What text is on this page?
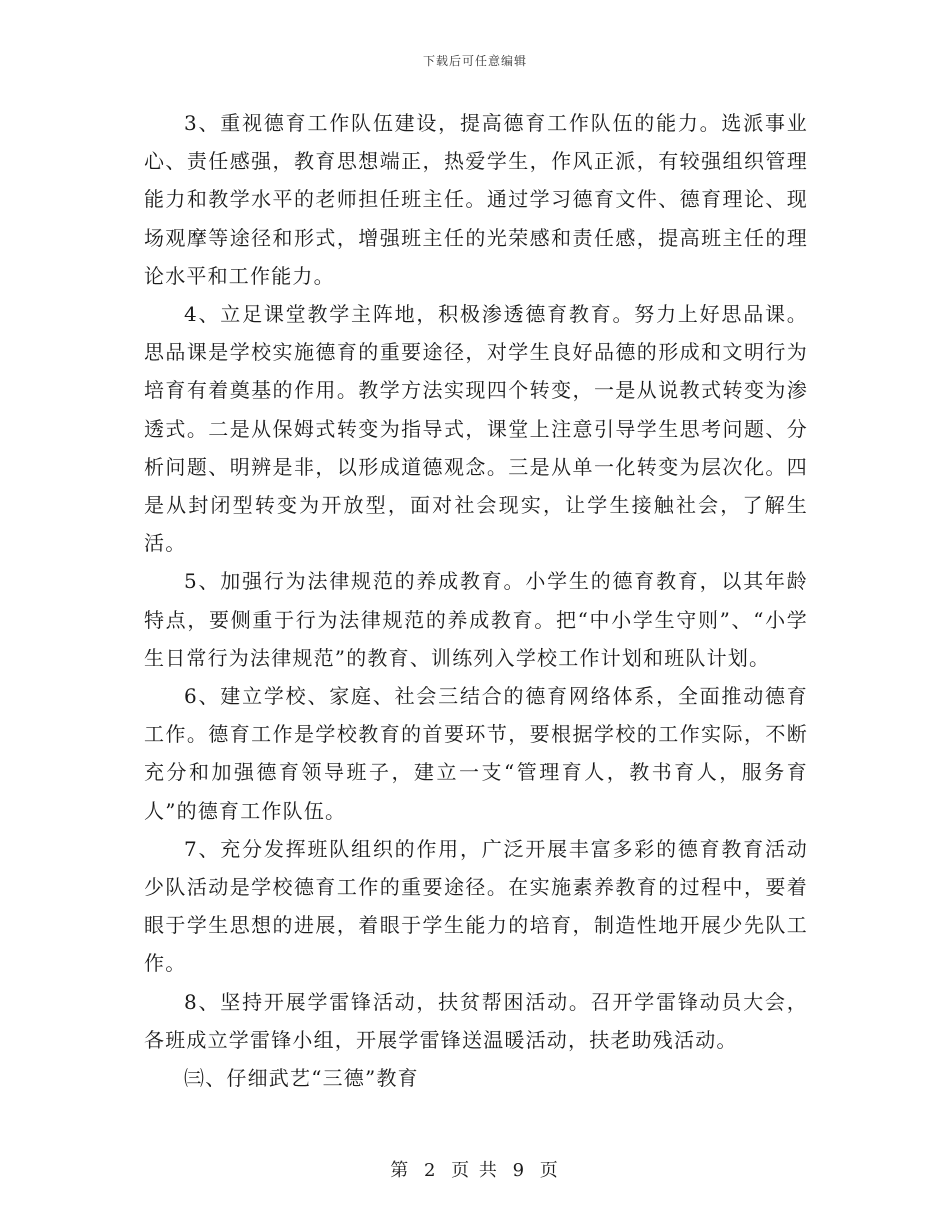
下载后可任意编辑

3、重视德育工作队伍建设，提高德育工作队伍的能力。选派事业心、责任感强，教育思想端正，热爱学生，作风正派，有较强组织管理能力和教学水平的老师担任班主任。通过学习德育文件、德育理论、现场观摩等途径和形式，增强班主任的光荣感和责任感，提高班主任的理论水平和工作能力。

4、立足课堂教学主阵地，积极渗透德育教育。努力上好思品课。思品课是学校实施德育的重要途径，对学生良好品德的形成和文明行为培育有着奠基的作用。教学方法实现四个转变，一是从说教式转变为渗透式。二是从保姆式转变为指导式，课堂上注意引导学生思考问题、分析问题、明辨是非，以形成道德观念。三是从单一化转变为层次化。四是从封闭型转变为开放型，面对社会现实，让学生接触社会，了解生活。

5、加强行为法律规范的养成教育。小学生的德育教育，以其年龄特点，要侧重于行为法律规范的养成教育。把“中小学生守则”、“小学生日常行为法律规范”的教育、训练列入学校工作计划和班队计划。

6、建立学校、家庭、社会三结合的德育网络体系，全面推动德育工作。德育工作是学校教育的首要环节，要根据学校的工作实际，不断充分和加强德育领导班子，建立一支“管理育人，教书育人，服务育人”的德育工作队伍。

7、充分发挥班队组织的作用，广泛开展丰富多彩的德育教育活动少队活动是学校德育工作的重要途径。在实施素养教育的过程中，要着眼于学生思想的进展，着眼于学生能力的培育，制造性地开展少先队工作。

8、坚持开展学雷锋活动，扶贫帮困活动。召开学雷锋动员大会，各班成立学雷锋小组，开展学雷锋送温暖活动，扶老助残活动。

㈢、仔细武艺“三德”教育

第 2 页 共 9 页
